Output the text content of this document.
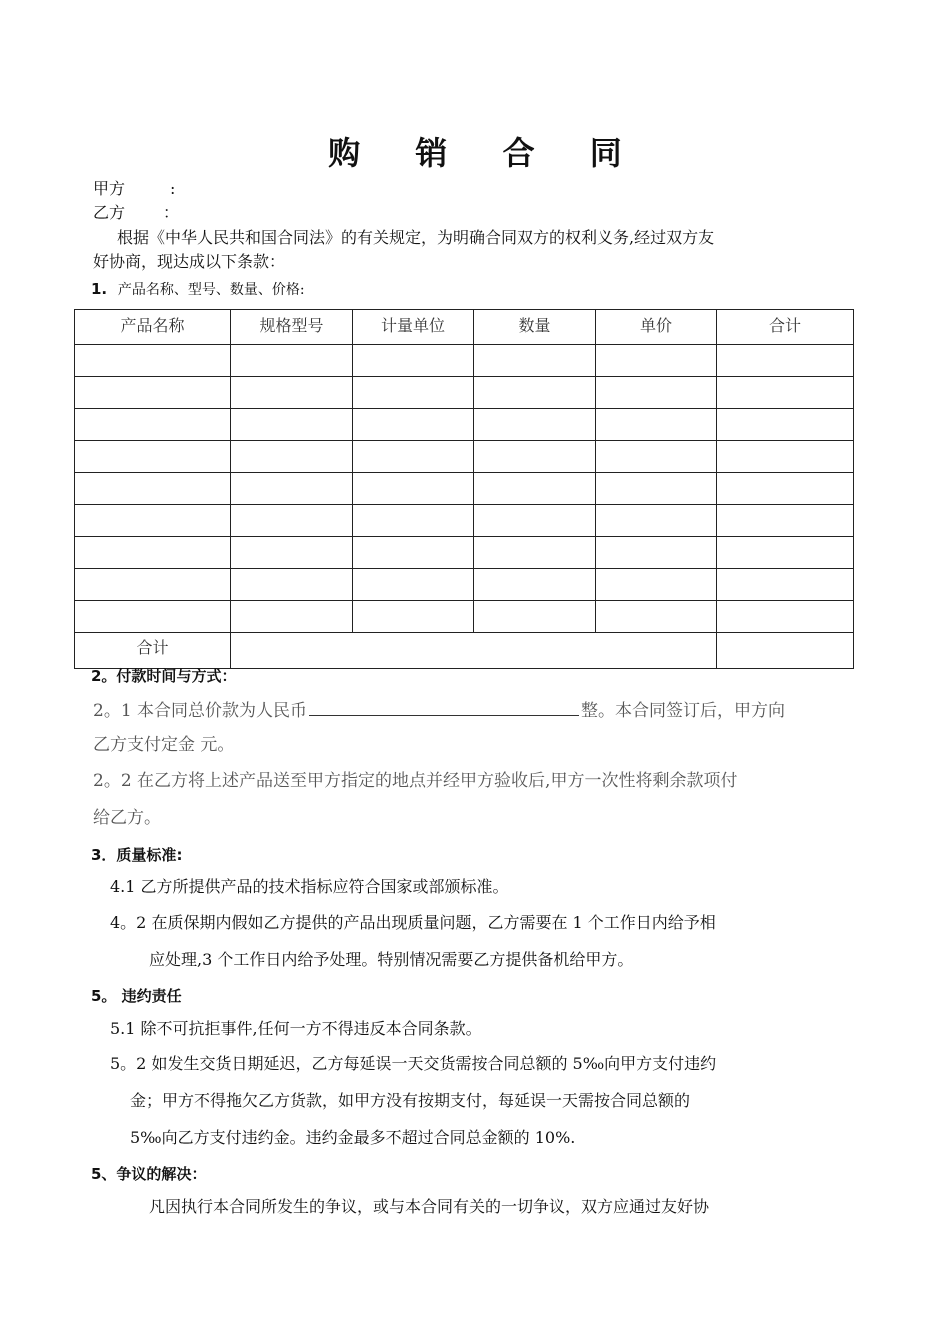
购 销 合 同
甲方	:
乙方 ：
根据《中华人民共和国合同法》的有关规定，为明确合同双方的权利义务,经过双方友
好协商，现达成以下条款：
1. 产品名称、型号、数量、价格:
产品名称	规格型号	计量单位	数量	单价	合计

合计					
2。付款时间与方式：
2。1 本合同总价款为人民币	整。本合同签订后，甲方向
乙方支付定金 元。
2。2 在乙方将上述产品送至甲方指定的地点并经甲方验收后,甲方一次性将剩余款项付
给乙方。
3．质量标准:
4.1 乙方所提供产品的技术指标应符合国家或部颁标准。
4。2 在质保期内假如乙方提供的产品出现质量问题，乙方需要在 1 个工作日内给予相
应处理,3 个工作日内给予处理。特别情况需要乙方提供备机给甲方。
5。 违约责任
5.1 除不可抗拒事件,任何一方不得违反本合同条款。
5。2 如发生交货日期延迟，乙方每延误一天交货需按合同总额的 5‰向甲方支付违约
金；甲方不得拖欠乙方货款，如甲方没有按期支付，每延误一天需按合同总额的
5‰向乙方支付违约金。违约金最多不超过合同总金额的 10%.
5、争议的解决：
凡因执行本合同所发生的争议，或与本合同有关的一切争议，双方应通过友好协
